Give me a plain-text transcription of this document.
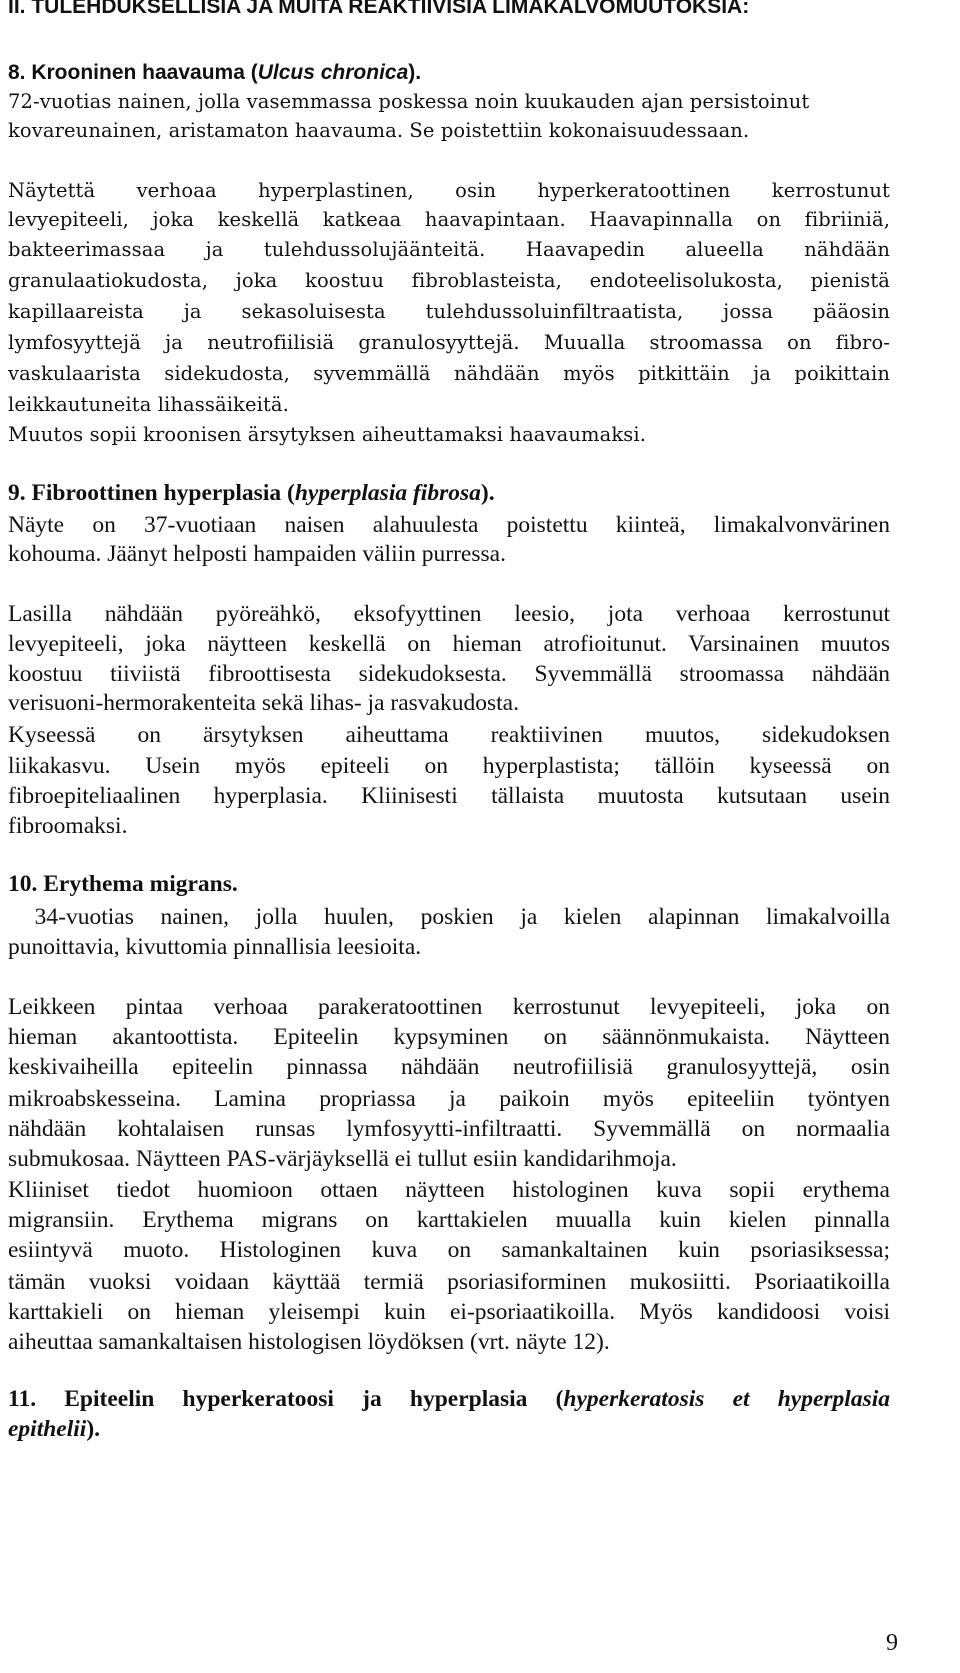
II. TULEHDUKSELLISIA JA MUITA REAKTIIVISIA LIMAKALVOMUUTOKSIA:
8. Krooninen haavauma (Ulcus chronica).
72-vuotias nainen, jolla vasemmassa poskessa noin kuukauden ajan persistoinut
kovareunainen, aristamaton haavauma. Se poistettiin kokonaisuudessaan.
Näytettä verhoaa hyperplastinen, osin hyperkeratoottinen kerrostunut
levyepiteeli, joka keskellä katkeaa haavapintaan. Haavapinnalla on fibriiniä,
bakteerimassaa ja tulehdussolujäänteitä. Haavapedin alueella nähdään
granulaatiokudosta, joka koostuu fibroblasteista, endoteelisolukosta, pienistä
kapillaareista ja sekasoluisesta tulehdussoluinfiltraatista, jossa pääosin
lymfosyyttejä ja neutrofiilisiä granulosyyttejä. Muualla stroomassa on fibro-
vaskulaarista sidekudosta, syvemmällä nähdään myös pitkittäin ja poikittain
leikkautuneita lihassäikeitä.
Muutos sopii kroonisen ärsytyksen aiheuttamaksi haavaumaksi.
9. Fibroottinen hyperplasia (hyperplasia fibrosa).
Näyte on 37-vuotiaan naisen alahuulesta poistettu kiinteä, limakalvonvärinen
kohouma. Jäänyt helposti hampaiden väliin purressa.
Lasilla nähdään pyöreähkö, eksofyyttinen leesio, jota verhoaa kerrostunut
levyepiteeli, joka näytteen keskellä on hieman atrofioitunut. Varsinainen muutos
koostuu tiiviistä fibroottisesta sidekudoksesta. Syvemmällä stroomassa nähdään
verisuoni-hermorakenteita sekä lihas- ja rasvakudosta.
Kyseessä on ärsytyksen aiheuttama reaktiivinen muutos, sidekudoksen
liikakasvu. Usein myös epiteeli on hyperplastista; tällöin kyseessä on
fibroepiteliaalinen hyperplasia. Kliinisesti tällaista muutosta kutsutaan usein
fibroomaksi.
10. Erythema migrans.
34-vuotias nainen, jolla huulen, poskien ja kielen alapinnan limakalvoilla
punoittavia, kivuttomia pinnallisia leesioita.
Leikkeen pintaa verhoaa parakeratoottinen kerrostunut levyepiteeli, joka on
hieman akantoottista. Epiteelin kypsyminen on säännönmukaista. Näytteen
keskivaiheilla epiteelin pinnassa nähdään neutrofiilisiä granulosyyttejä, osin
mikroabskesseina. Lamina propriassa ja paikoin myös epiteeliin työntyen
nähdään kohtalaisen runsas lymfosyytti-infiltraatti. Syvemmällä on normaalia
submukosaa. Näytteen PAS-värjäyksellä ei tullut esiin kandidarihmoja.
Kliiniset tiedot huomioon ottaen näytteen histologinen kuva sopii erythema
migransiin. Erythema migrans on karttakielen muualla kuin kielen pinnalla
esiintyvä muoto. Histologinen kuva on samankaltainen kuin psoriasiksessa;
tämän vuoksi voidaan käyttää termiä psoriasiforminen mukosiitti. Psoriaatikoilla
karttakieli on hieman yleisempi kuin ei-psoriaatikoilla. Myös kandidoosi voisi
aiheuttaa samankaltaisen histologisen löydöksen (vrt. näyte 12).
11. Epiteelin hyperkeratoosi ja hyperplasia (hyperkeratosis et hyperplasia
epithelii).
9
